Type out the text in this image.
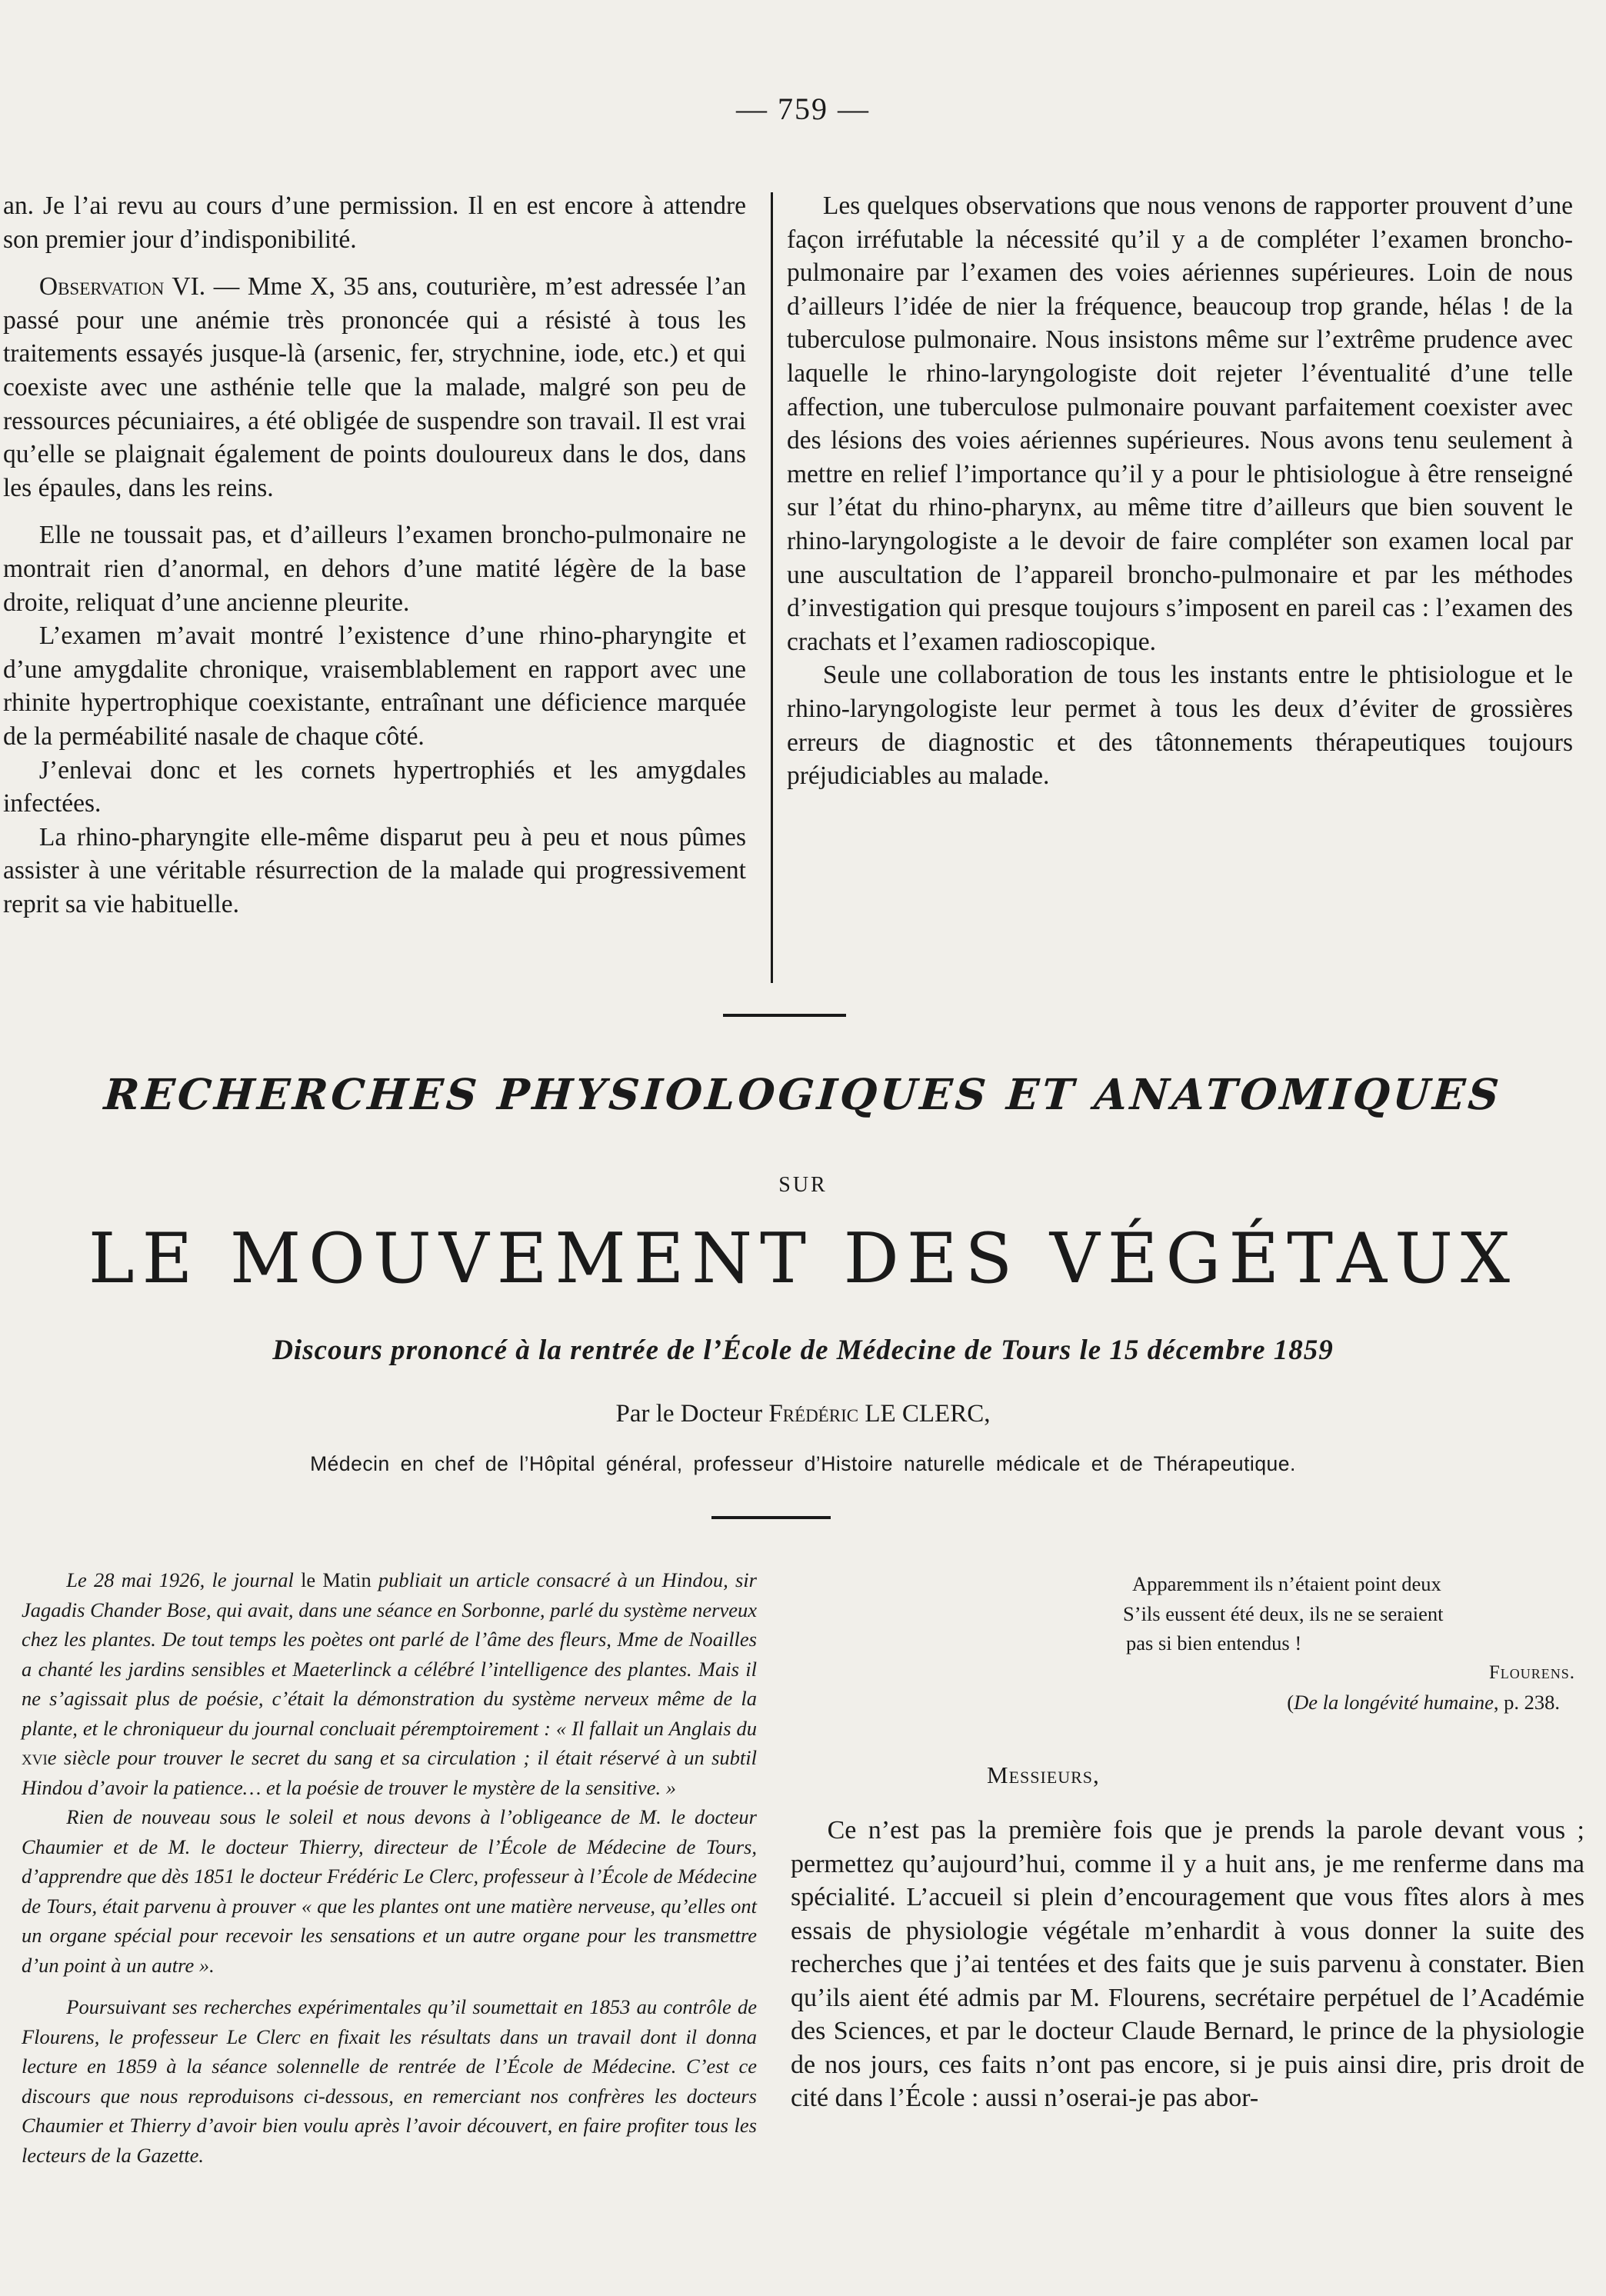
— 759 —

an. Je l’ai revu au cours d’une permission. Il en est encore à attendre son premier jour d’indisponibilité.

Observation VI. — Mme X, 35 ans, couturière, m’est adressée l’an passé pour une anémie très prononcée qui a résisté à tous les traitements essayés jusque-là (arsenic, fer, strychnine, iode, etc.) et qui coexiste avec une asthénie telle que la malade, malgré son peu de ressources pécuniaires, a été obligée de suspendre son travail. Il est vrai qu’elle se plaignait également de points douloureux dans le dos, dans les épaules, dans les reins.

Elle ne toussait pas, et d’ailleurs l’examen broncho-pulmonaire ne montrait rien d’anormal, en dehors d’une matité légère de la base droite, reliquat d’une ancienne pleurite.

L’examen m’avait montré l’existence d’une rhino-pharyngite et d’une amygdalite chronique, vraisemblablement en rapport avec une rhinite hypertrophique coexistante, entraînant une déficience marquée de la perméabilité nasale de chaque côté.

J’enlevai donc et les cornets hypertrophiés et les amygdales infectées.

La rhino-pharyngite elle-même disparut peu à peu et nous pûmes assister à une véritable résurrection de la malade qui progressivement reprit sa vie habituelle.

Les quelques observations que nous venons de rapporter prouvent d’une façon irréfutable la nécessité qu’il y a de compléter l’examen broncho-pulmonaire par l’examen des voies aériennes supérieures. Loin de nous d’ailleurs l’idée de nier la fréquence, beaucoup trop grande, hélas ! de la tuberculose pulmonaire. Nous insistons même sur l’extrême prudence avec laquelle le rhino-laryngologiste doit rejeter l’éventualité d’une telle affection, une tuberculose pulmonaire pouvant parfaitement coexister avec des lésions des voies aériennes supérieures. Nous avons tenu seulement à mettre en relief l’importance qu’il y a pour le phtisiologue à être renseigné sur l’état du rhino-pharynx, au même titre d’ailleurs que bien souvent le rhino-laryngologiste a le devoir de faire compléter son examen local par une auscultation de l’appareil broncho-pulmonaire et par les méthodes d’investigation qui presque toujours s’imposent en pareil cas : l’examen des crachats et l’examen radioscopique.

Seule une collaboration de tous les instants entre le phtisiologue et le rhino-laryngologiste leur permet à tous les deux d’éviter de grossières erreurs de diagnostic et des tâtonnements thérapeutiques toujours préjudiciables au malade.

RECHERCHES PHYSIOLOGIQUES ET ANATOMIQUES
SUR
LE MOUVEMENT DES VÉGÉTAUX
Discours prononcé à la rentrée de l’École de Médecine de Tours le 15 décembre 1859
Par le Docteur Frédéric LE CLERC,
Médecin en chef de l’Hôpital général, professeur d’Histoire naturelle médicale et de Thérapeutique.

Le 28 mai 1926, le journal le Matin publiait un article consacré à un Hindou, sir Jagadis Chander Bose, qui avait, dans une séance en Sorbonne, parlé du système nerveux chez les plantes. De tout temps les poètes ont parlé de l’âme des fleurs, Mme de Noailles a chanté les jardins sensibles et Maeterlinck a célébré l’intelligence des plantes. Mais il ne s’agissait plus de poésie, c’était la démonstration du système nerveux même de la plante, et le chroniqueur du journal concluait péremptoirement : « Il fallait un Anglais du xvie siècle pour trouver le secret du sang et sa circulation ; il était réservé à un subtil Hindou d’avoir la patience… et la poésie de trouver le mystère de la sensitive. »

Rien de nouveau sous le soleil et nous devons à l’obligeance de M. le docteur Chaumier et de M. le docteur Thierry, directeur de l’École de Médecine de Tours, d’apprendre que dès 1851 le docteur Frédéric Le Clerc, professeur à l’École de Médecine de Tours, était parvenu à prouver « que les plantes ont une matière nerveuse, qu’elles ont un organe spécial pour recevoir les sensations et un autre organe pour les transmettre d’un point à un autre ».

Poursuivant ses recherches expérimentales qu’il soumettait en 1853 au contrôle de Flourens, le professeur Le Clerc en fixait les résultats dans un travail dont il donna lecture en 1859 à la séance solennelle de rentrée de l’École de Médecine. C’est ce discours que nous reproduisons ci-dessous, en remerciant nos confrères les docteurs Chaumier et Thierry d’avoir bien voulu après l’avoir découvert, en faire profiter tous les lecteurs de la Gazette.

Apparemment ils n’étaient point deux
S’ils eussent été deux, ils ne se seraient
pas si bien entendus !
Flourens.
(De la longévité humaine, p. 238.
Messieurs,

Ce n’est pas la première fois que je prends la parole devant vous ; permettez qu’aujourd’hui, comme il y a huit ans, je me renferme dans ma spécialité. L’accueil si plein d’encouragement que vous fîtes alors à mes essais de physiologie végétale m’enhardit à vous donner la suite des recherches que j’ai tentées et des faits que je suis parvenu à constater. Bien qu’ils aient été admis par M. Flourens, secrétaire perpétuel de l’Académie des Sciences, et par le docteur Claude Bernard, le prince de la physiologie de nos jours, ces faits n’ont pas encore, si je puis ainsi dire, pris droit de cité dans l’École : aussi n’oserai-je pas abor-
